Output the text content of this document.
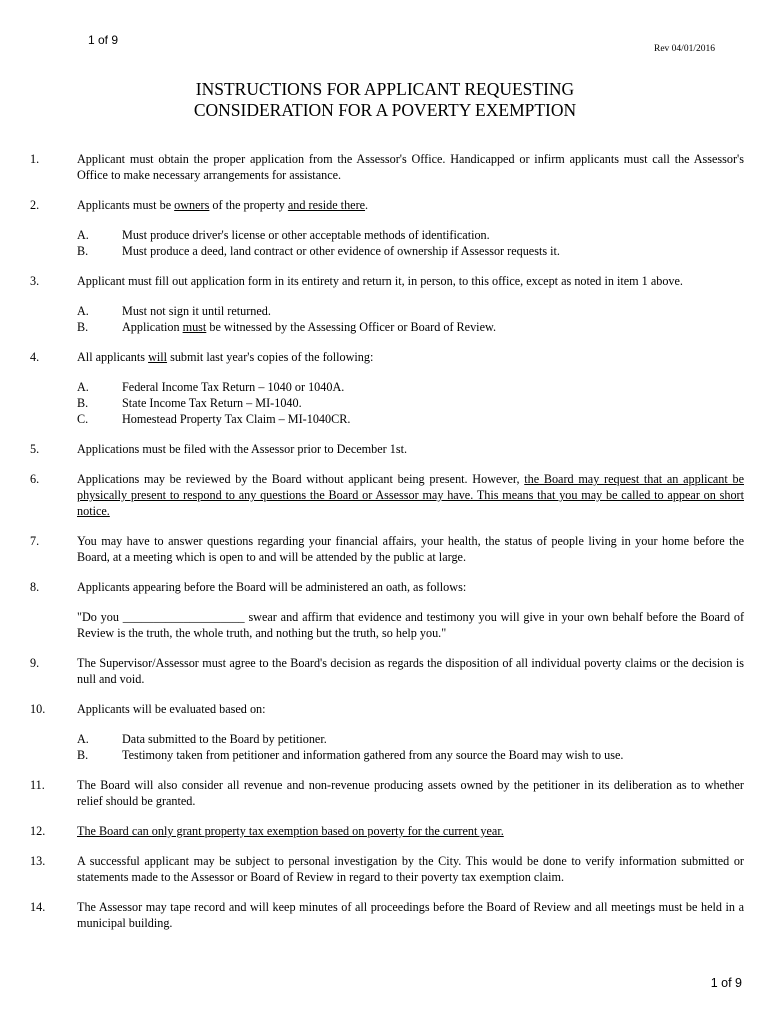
1 of 9
Rev 04/01/2016
INSTRUCTIONS FOR APPLICANT REQUESTING
CONSIDERATION FOR A POVERTY EXEMPTION
1.	Applicant must obtain the proper application from the Assessor's Office. Handicapped or infirm applicants must call the Assessor's Office to make necessary arrangements for assistance.
2.	Applicants must be owners of the property and reside there.
A.	Must produce driver's license or other acceptable methods of identification.
B.	Must produce a deed, land contract or other evidence of ownership if Assessor requests it.
3.	Applicant must fill out application form in its entirety and return it, in person, to this office, except as noted in item 1 above.
A.	Must not sign it until returned.
B.	Application must be witnessed by the Assessing Officer or Board of Review.
4.	All applicants will submit last year's copies of the following:
A.	Federal Income Tax Return – 1040 or 1040A.
B.	State Income Tax Return – MI-1040.
C.	Homestead Property Tax Claim – MI-1040CR.
5.	Applications must be filed with the Assessor prior to December 1st.
6.	Applications may be reviewed by the Board without applicant being present. However, the Board may request that an applicant be physically present to respond to any questions the Board or Assessor may have. This means that you may be called to appear on short notice.
7.	You may have to answer questions regarding your financial affairs, your health, the status of people living in your home before the Board, at a meeting which is open to and will be attended by the public at large.
8.	Applicants appearing before the Board will be administered an oath, as follows:
"Do you ____________________ swear and affirm that evidence and testimony you will give in your own behalf before the Board of Review is the truth, the whole truth, and nothing but the truth, so help you."
9.	The Supervisor/Assessor must agree to the Board's decision as regards the disposition of all individual poverty claims or the decision is null and void.
10.	Applicants will be evaluated based on:
A.	Data submitted to the Board by petitioner.
B.	Testimony taken from petitioner and information gathered from any source the Board may wish to use.
11.	The Board will also consider all revenue and non-revenue producing assets owned by the petitioner in its deliberation as to whether relief should be granted.
12.	The Board can only grant property tax exemption based on poverty for the current year.
13.	A successful applicant may be subject to personal investigation by the City. This would be done to verify information submitted or statements made to the Assessor or Board of Review in regard to their poverty tax exemption claim.
14.	The Assessor may tape record and will keep minutes of all proceedings before the Board of Review and all meetings must be held in a municipal building.
1 of 9
